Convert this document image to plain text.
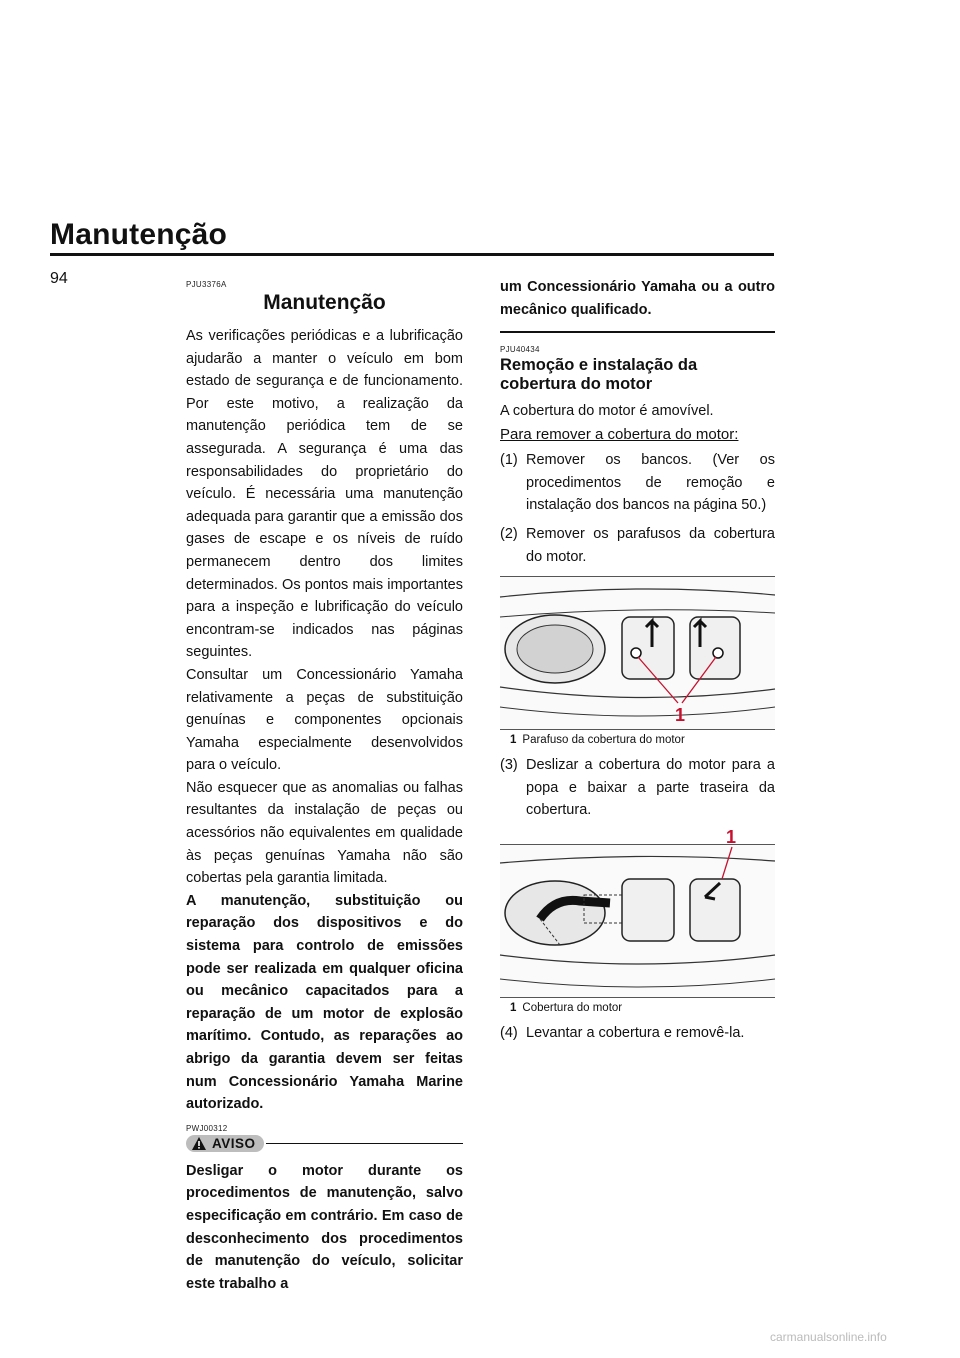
Manutenção
94	PJU3376A
Manutenção

As verificações periódicas e a lubrificação ajudarão a manter o veículo em bom estado de segurança e de funcionamento. Por este motivo, a realização da manutenção periódica tem de se assegurada. A segurança é uma das responsabilidades do proprietário do veículo. É necessária uma manutenção adequada para garantir que a emissão dos gases de escape e os níveis de ruído permanecem dentro dos limites determinados. Os pontos mais importantes para a inspeção e lubrificação do veículo encontram-se indicados nas páginas seguintes.

Consultar um Concessionário Yamaha relativamente a peças de substituição genuínas e componentes opcionais Yamaha especialmente desenvolvidos para o veículo.

Não esquecer que as anomalias ou falhas resultantes da instalação de peças ou acessórios não equivalentes em qualidade às peças genuínas Yamaha não são cobertas pela garantia limitada.

A manutenção, substituição ou reparação dos dispositivos e do sistema para controlo de emissões pode ser realizada em qualquer oficina ou mecânico capacitados para a reparação de um motor de explosão marítimo. Contudo, as reparações ao abrigo da garantia devem ser feitas num Concessionário Yamaha Marine autorizado.

PWJ00312
AVISO

Desligar o motor durante os procedimentos de manutenção, salvo especificação em contrário. Em caso de desconhecimento dos procedimentos de manutenção do veículo, solicitar este trabalho a

um Concessionário Yamaha ou a outro mecânico qualificado.

PJU40434
Remoção e instalação da cobertura do motor

A cobertura do motor é amovível.

Para remover a cobertura do motor:
(1) Remover os bancos. (Ver os procedimentos de remoção e instalação dos bancos na página 50.)
(2) Remover os parafusos da cobertura do motor.
1
1 Parafuso da cobertura do motor
(3) Deslizar a cobertura do motor para a popa e baixar a parte traseira da cobertura.
1
1 Cobertura do motor
(4) Levantar a cobertura e removê-la.
carmanualsonline.info
